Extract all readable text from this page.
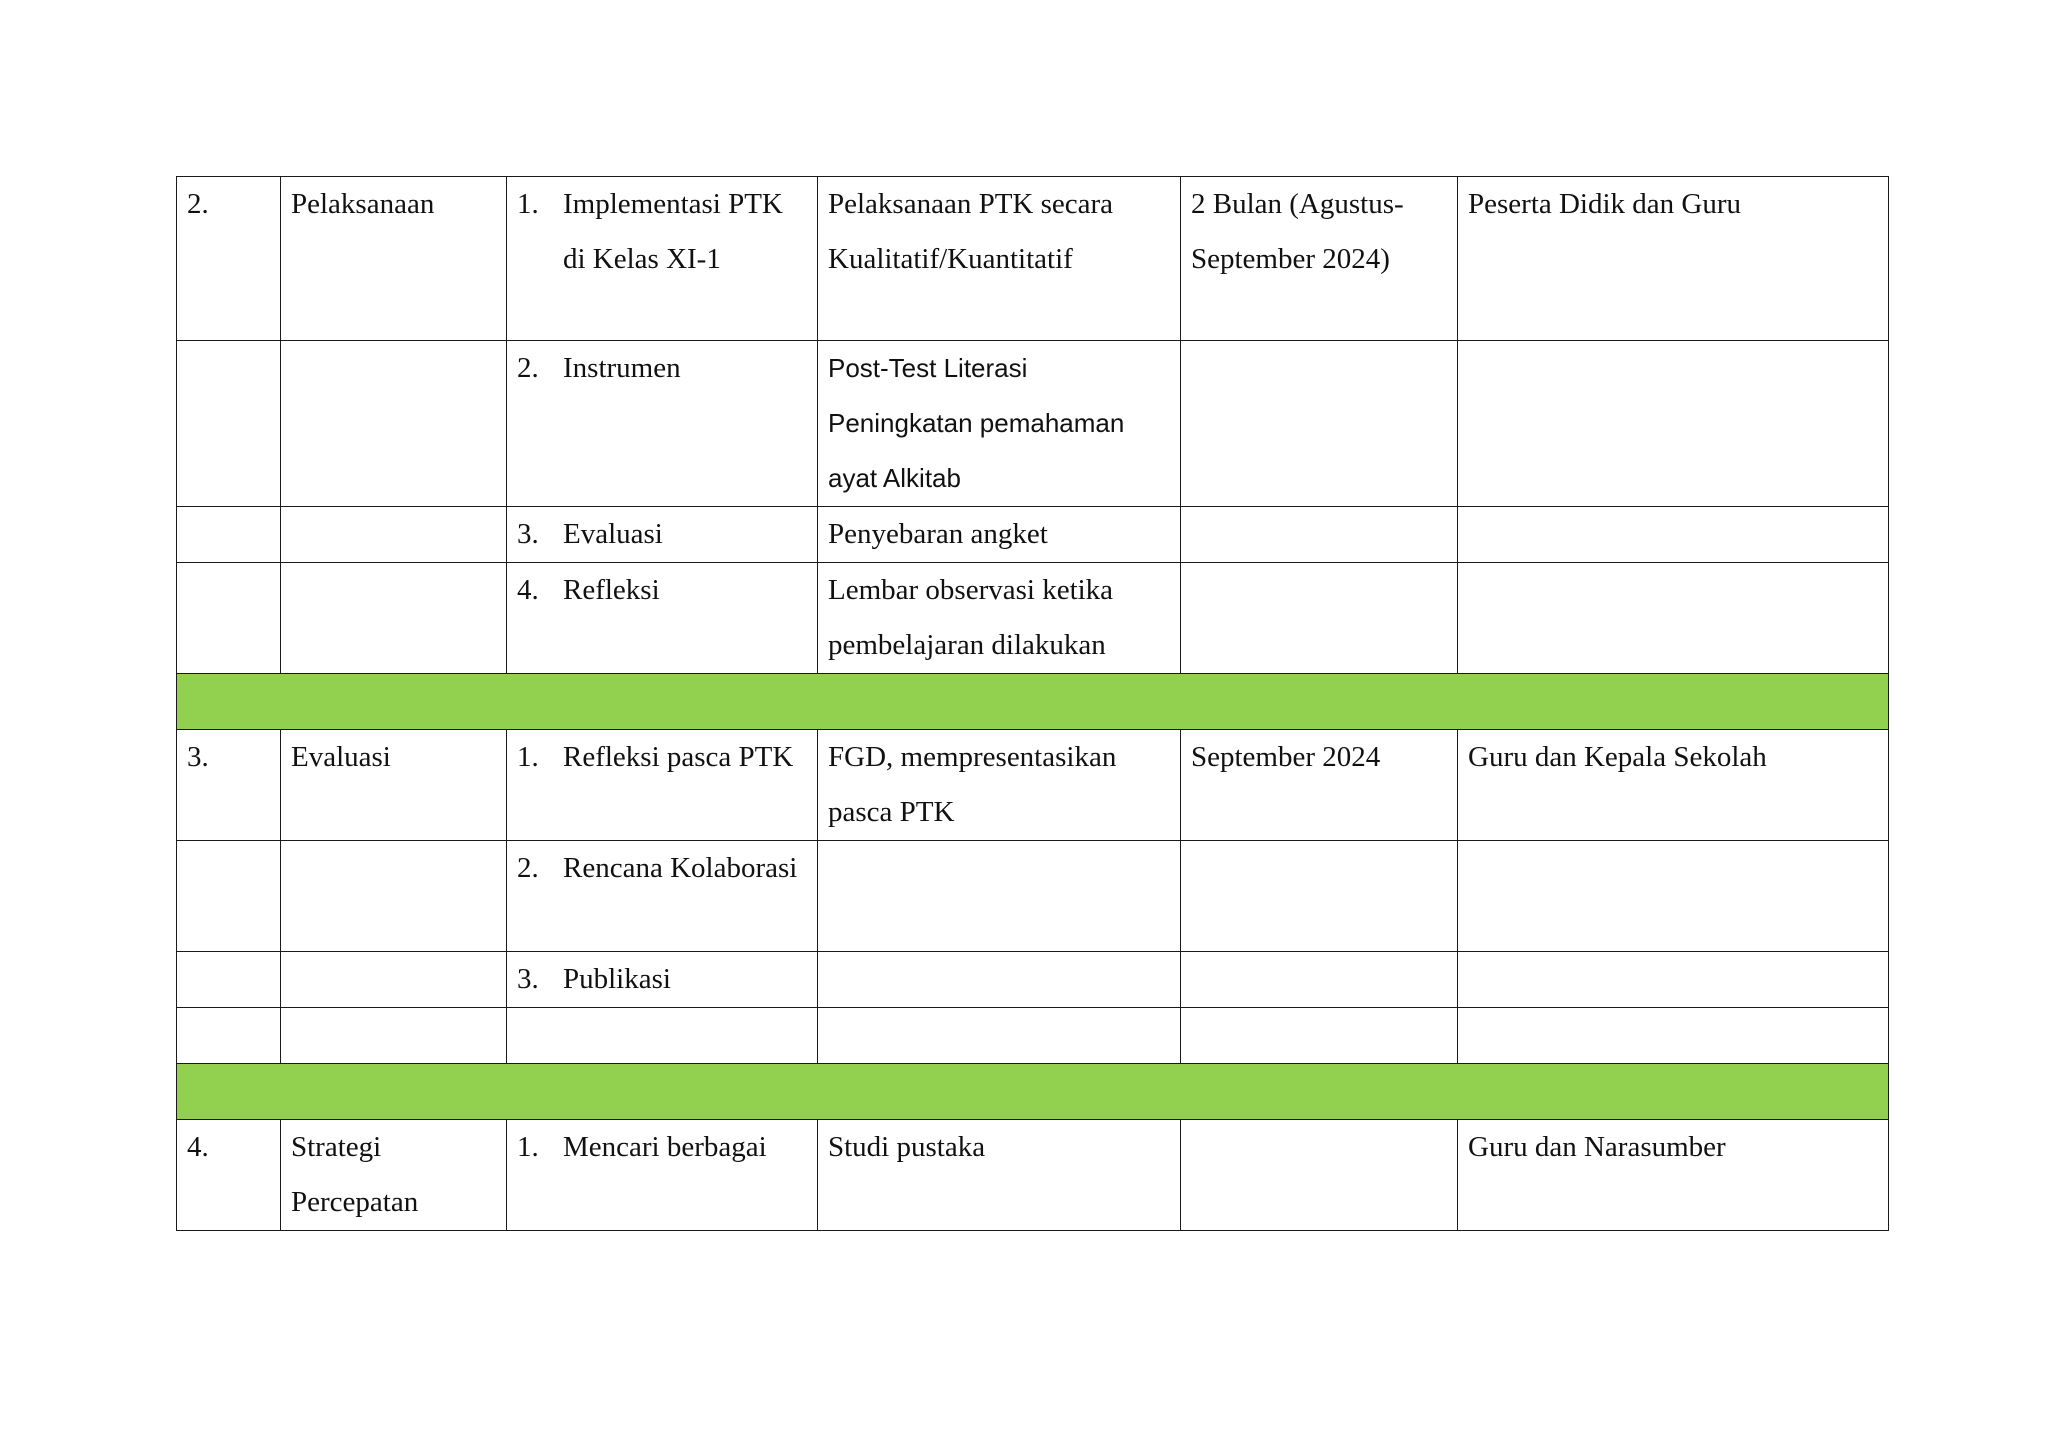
2.	Pelaksanaan	1. Implementasi PTK di Kelas XI-1	Pelaksanaan PTK secara Kualitatif/Kuantitatif	2 Bulan (Agustus-September 2024)	Peserta Didik dan Guru

		2. Instrumen	Post-Test Literasi Peningkatan pemahaman ayat Alkitab		

		3. Evaluasi	Penyebaran angket		

		4. Refleksi	Lembar observasi ketika pembelajaran dilakukan		

3.	Evaluasi	1. Refleksi pasca PTK	FGD, mempresentasikan pasca PTK	September 2024	Guru dan Kepala Sekolah

		2. Rencana Kolaborasi			

		3. Publikasi			

4.	Strategi Percepatan	1. Mencari berbagai	Studi pustaka		Guru dan Narasumber
